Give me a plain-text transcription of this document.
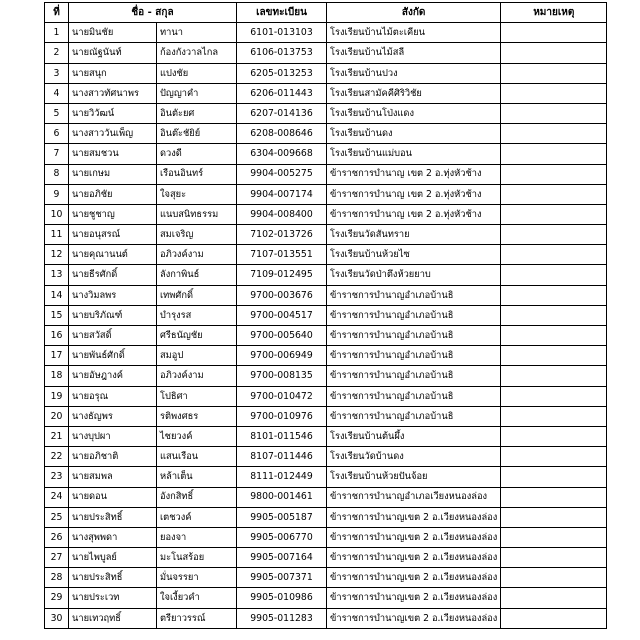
ที่	ชื่อ - สกุล		เลขทะเบียน	สังกัด	หมายเหตุ
1	นายมินชัย	ทานา	6101-013103	โรงเรียนบ้านไม้ตะเคียน	
2	นายณัฐนันท์	ก้องกังวาลไกล	6106-013753	โรงเรียนบ้านไม้สลี	
3	นายสนุก	แปงชัย	6205-013253	โรงเรียนบ้านปวง	
4	นางสาวทัศนาพร	ปัญญาคำ	6206-011443	โรงเรียนสามัคคีศิริวิชัย	
5	นายวิวัฒน์	อินตัะยศ	6207-014136	โรงเรียนบ้านโป่งแดง	
6	นางสาววันเพ็ญ	อินต๊ะชัยิย์	6208-008646	โรงเรียนบ้านดง	
7	นายสมชวน	ดวงดี	6304-009668	โรงเรียนบ้านแม่บอน	
8	นายเกษม	เรือนอินทร์	9904-005275	ข้าราชการบำนาญ เขต 2 อ.ทุ่งหัวช้าง	
9	นายอภิชัย	ใจสุยะ	9904-007174	ข้าราชการบำนาญ เขต 2 อ.ทุ่งหัวช้าง	
10	นายชูชาญ	แนบสนิทธรรม	9904-008400	ข้าราชการบำนาญ เขต 2 อ.ทุ่งหัวช้าง	
11	นายอนุสรณ์	สมเจริญ	7102-013726	โรงเรียนวัดสันทราย	
12	นายคุณานนต์	อภิวงค์งาม	7107-013551	โรงเรียนบ้านห้วยไซ	
13	นายธีรศักดิ์	ลังกาพินธ์	7109-012495	โรงเรียนวัดป่าตึงห้วยยาบ	
14	นางวิมลพร	เทพศักดิ์	9700-003676	ข้าราชการบำนาญอำเภอบ้านธิ	
15	นายบริภัณฑ์	บำรุงรส	9700-004517	ข้าราชการบำนาญอำเภอบ้านธิ	
16	นายสวัสดิ์	ศรีธนัญชัย	9700-005640	ข้าราชการบำนาญอำเภอบ้านธิ	
17	นายพันธ์ศักดิ์	สมอูป	9700-006949	ข้าราชการบำนาญอำเภอบ้านธิ	
18	นายอัษฎางค์	อภิวงค์งาม	9700-008135	ข้าราชการบำนาญอำเภอบ้านธิ	
19	นายอรุณ	โปธิศา	9700-010472	ข้าราชการบำนาญอำเภอบ้านธิ	
20	นางธัญพร	รติพงศธร	9700-010976	ข้าราชการบำนาญอำเภอบ้านธิ	
21	นางบุปผา	ไชยวงค์	8101-011546	โรงเรียนบ้านต้นผึ้ง	
22	นายอภิชาติ	แสนเรือน	8107-011446	โรงเรียนวัดบ้านดง	
23	นายสมพล	หล้าเต็น	8111-012449	โรงเรียนบ้านห้วยปันจ้อย	
24	นายดอน	อังกสิทธิ์	9800-001461	ข้าราชการบำนาญอำเภอเวียงหนองล่อง	
25	นายประสิทธิ์	เตชวงค์	9905-005187	ข้าราชการบำนาญเขต 2 อ.เวียงหนองล่อง	
26	นางสุพพดา	ยองจา	9905-006770	ข้าราชการบำนาญเขต 2 อ.เวียงหนองล่อง	
27	นายไพบูลย์	มะโนสร้อย	9905-007164	ข้าราชการบำนาญเขต 2 อ.เวียงหนองล่อง	
28	นายประสิทธิ์	มั่นจรรยา	9905-007371	ข้าราชการบำนาญเขต 2 อ.เวียงหนองล่อง	
29	นายประเวท	ใจเงี้ยวคำ	9905-010986	ข้าราชการบำนาญเขต 2 อ.เวียงหนองล่อง	
30	นายเทวฤทธิ์	ตรียาวรรณ์	9905-011283	ข้าราชการบำนาญเขต 2 อ.เวียงหนองล่อง	
